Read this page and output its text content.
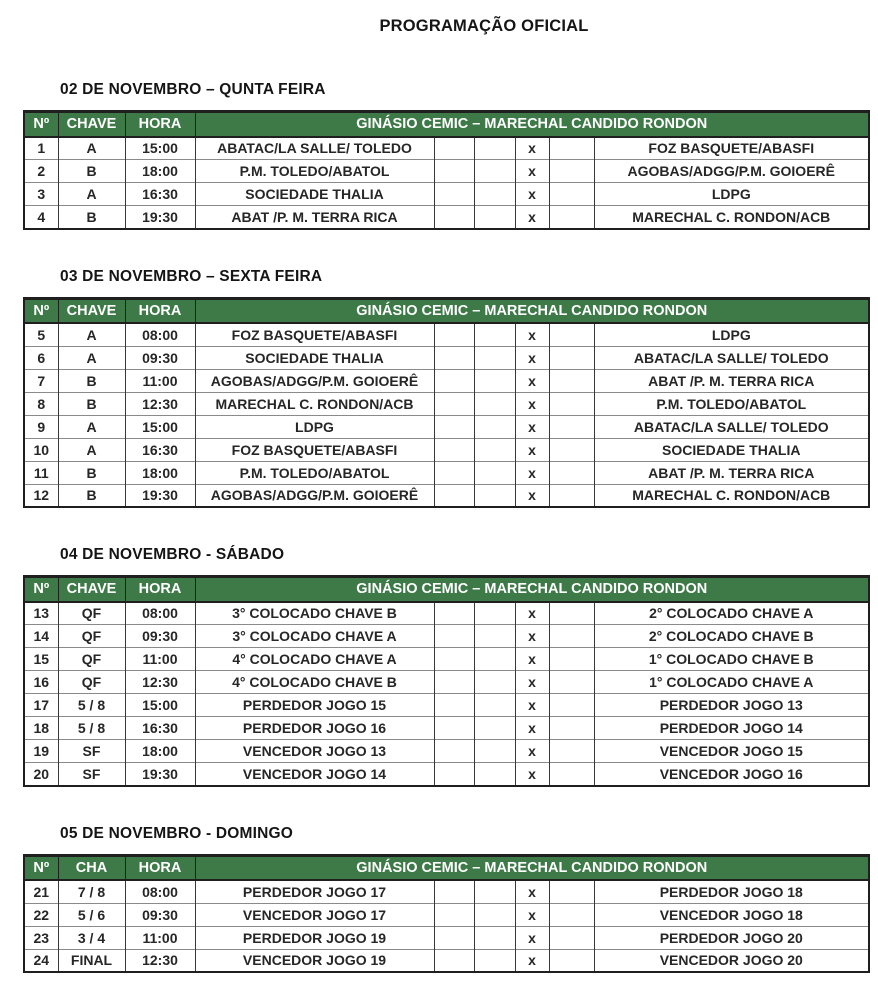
PROGRAMAÇÃO OFICIAL
02 DE NOVEMBRO – QUNTA FEIRA
Nº	CHAVE	HORA	GINÁSIO CEMIC – MARECHAL CANDIDO RONDON					
1	A	15:00	ABATAC/LA SALLE/ TOLEDO			x		FOZ BASQUETE/ABASFI
2	B	18:00	P.M. TOLEDO/ABATOL			x		AGOBAS/ADGG/P.M. GOIOERÊ
3	A	16:30	SOCIEDADE THALIA			x		LDPG
4	B	19:30	ABAT /P. M. TERRA RICA			x		MARECHAL C. RONDON/ACB
03 DE NOVEMBRO – SEXTA FEIRA
Nº	CHAVE	HORA	GINÁSIO CEMIC – MARECHAL CANDIDO RONDON					
5	A	08:00	FOZ BASQUETE/ABASFI			x		LDPG
6	A	09:30	SOCIEDADE THALIA			x		ABATAC/LA SALLE/ TOLEDO
7	B	11:00	AGOBAS/ADGG/P.M. GOIOERÊ			x		ABAT /P. M. TERRA RICA
8	B	12:30	MARECHAL C. RONDON/ACB			x		P.M. TOLEDO/ABATOL
9	A	15:00	LDPG			x		ABATAC/LA SALLE/ TOLEDO
10	A	16:30	FOZ BASQUETE/ABASFI			x		SOCIEDADE THALIA
11	B	18:00	P.M. TOLEDO/ABATOL			x		ABAT /P. M. TERRA RICA
12	B	19:30	AGOBAS/ADGG/P.M. GOIOERÊ			x		MARECHAL C. RONDON/ACB
04 DE NOVEMBRO - SÁBADO
Nº	CHAVE	HORA	GINÁSIO CEMIC – MARECHAL CANDIDO RONDON					
13	QF	08:00	3° COLOCADO CHAVE B			x		2° COLOCADO CHAVE A
14	QF	09:30	3° COLOCADO CHAVE A			x		2° COLOCADO CHAVE B
15	QF	11:00	4° COLOCADO CHAVE A			x		1° COLOCADO CHAVE B
16	QF	12:30	4° COLOCADO CHAVE B			x		1° COLOCADO CHAVE A
17	5 / 8	15:00	PERDEDOR JOGO 15			x		PERDEDOR JOGO 13
18	5 / 8	16:30	PERDEDOR JOGO 16			x		PERDEDOR JOGO 14
19	SF	18:00	VENCEDOR JOGO 13			x		VENCEDOR JOGO 15
20	SF	19:30	VENCEDOR JOGO 14			x		VENCEDOR JOGO 16
05 DE NOVEMBRO - DOMINGO
Nº	CHA	HORA	GINÁSIO CEMIC – MARECHAL CANDIDO RONDON					
21	7 / 8	08:00	PERDEDOR JOGO 17			x		PERDEDOR JOGO 18
22	5 / 6	09:30	VENCEDOR JOGO 17			x		VENCEDOR JOGO 18
23	3 / 4	11:00	PERDEDOR JOGO 19			x		PERDEDOR JOGO 20
24	FINAL	12:30	VENCEDOR JOGO 19			x		VENCEDOR JOGO 20
